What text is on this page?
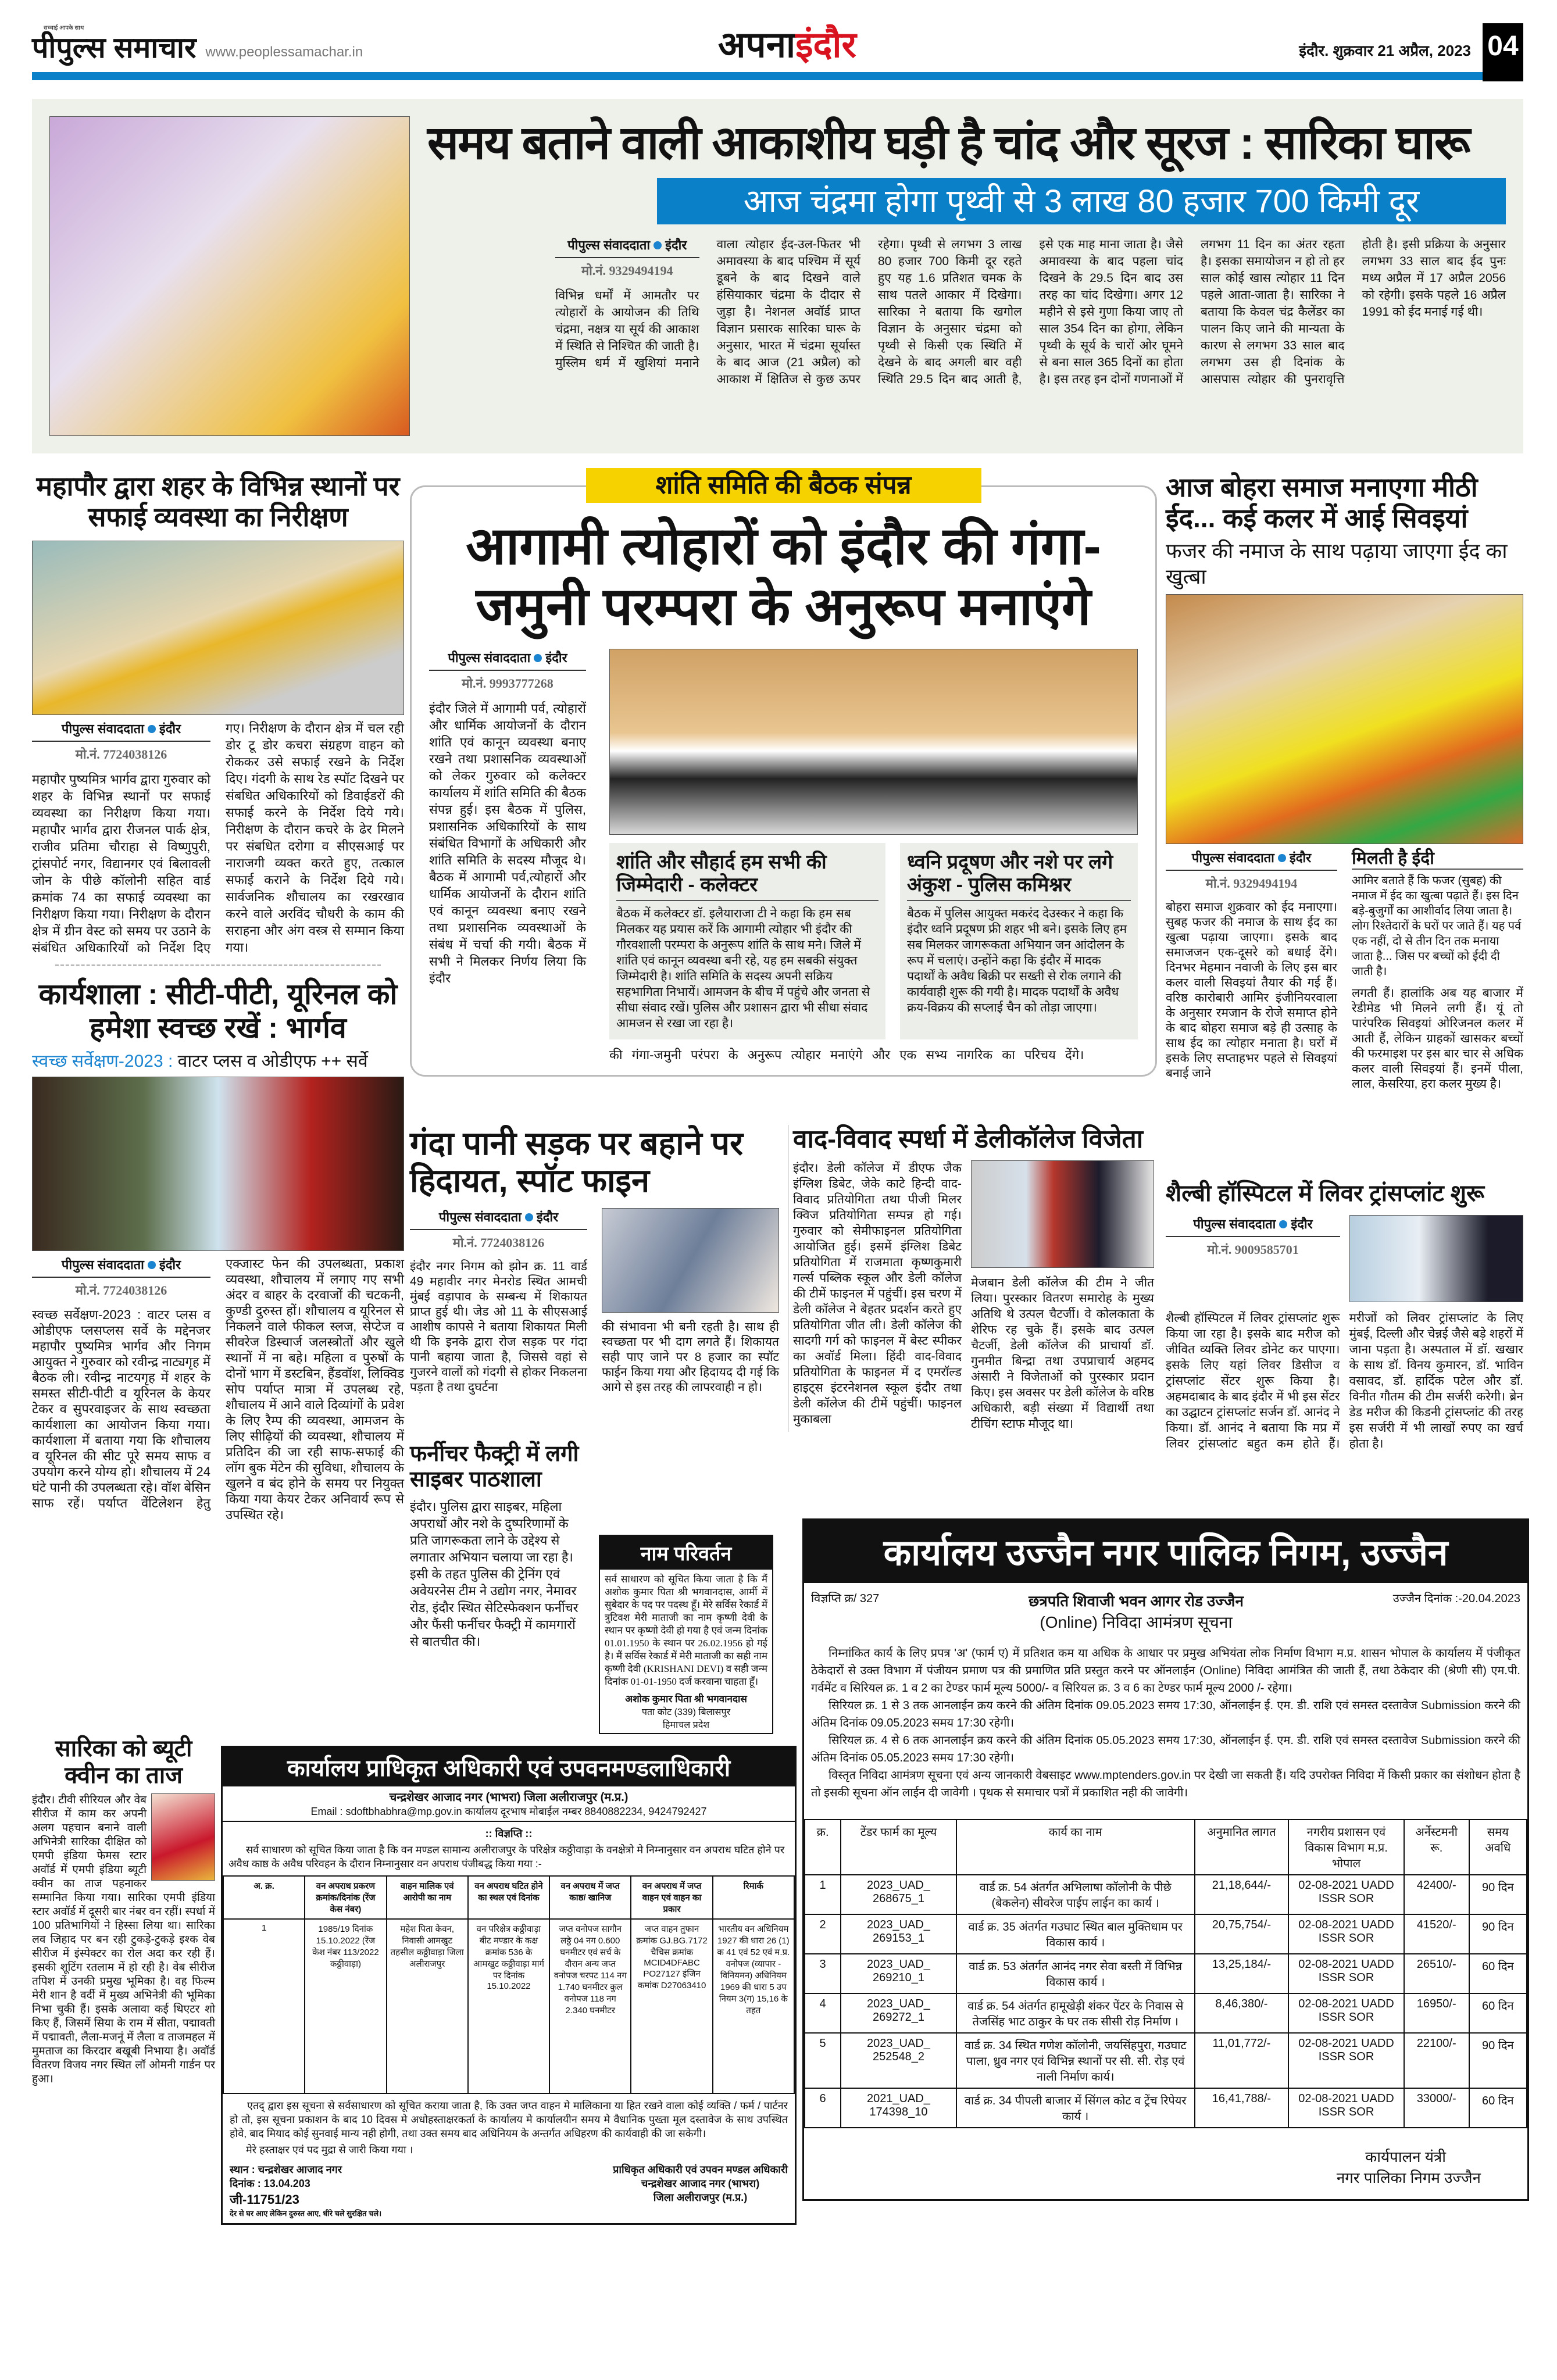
सच्चाई आपके साथ
पीपुल्स समाचार www.peoplessamachar.in	अपनाइंदौर	इंदौर. शुक्रवार 21 अप्रैल, 2023 04
समय बताने वाली आकाशीय घड़ी है चांद और सूरज : सारिका घारू
आज चंद्रमा होगा पृथ्वी से 3 लाख 80 हजार 700 किमी दूर
पीपुल्स संवाददाता इंदौर
मो.नं. 9329494194
विभिन्न धर्मों में आमतौर पर त्योहारों के आयोजन की तिथि चंद्रमा, नक्षत्र या सूर्य की आकाश में स्थिति से निश्चित की जाती है। मुस्लिम धर्म में खुशियां मनाने वाला त्योहार ईद-उल-फितर भी अमावस्या के बाद पश्चिम में सूर्य डूबने के बाद दिखने वाले हंसियाकार चंद्रमा के दीदार से जुड़ा है। नेशनल अवॉर्ड प्राप्त विज्ञान प्रसारक सारिका घारू के अनुसार, भारत में चंद्रमा सूर्यास्त के बाद आज (21 अप्रैल) को आकाश में क्षितिज से कुछ ऊपर रहेगा। पृथ्वी से लगभग 3 लाख 80 हजार 700 किमी दूर रहते हुए यह 1.6 प्रतिशत चमक के साथ पतले आकार में दिखेगा। सारिका ने बताया कि खगोल विज्ञान के अनुसार चंद्रमा को पृथ्वी से किसी एक स्थिति में देखने के बाद अगली बार वही स्थिति 29.5 दिन बाद आती है, इसे एक माह माना जाता है। जैसे अमावस्या के बाद पहला चांद दिखने के 29.5 दिन बाद उस तरह का चांद दिखेगा। अगर 12 महीने से इसे गुणा किया जाए तो साल 354 दिन का होगा, लेकिन पृथ्वी के सूर्य के चारों ओर घूमने से बना साल 365 दिनों का होता है। इस तरह इन दोनों गणनाओं में लगभग 11 दिन का अंतर रहता है। इसका समायोजन न हो तो हर साल कोई खास त्योहार 11 दिन पहले आता-जाता है। सारिका ने बताया कि केवल चंद्र कैलेंडर का पालन किए जाने की मान्यता के कारण से लगभग 33 साल बाद लगभग उस ही दिनांक के आसपास त्योहार की पुनरावृत्ति होती है। इसी प्रक्रिया के अनुसार लगभग 33 साल बाद ईद पुनः मध्य अप्रैल में 17 अप्रैल 2056 को रहेगी। इसके पहले 16 अप्रैल 1991 को ईद मनाई गई थी।
महापौर द्वारा शहर के विभिन्न स्थानों पर सफाई व्यवस्था का निरीक्षण
पीपुल्स संवाददाता इंदौर
मो.नं. 7724038126
महापौर पुष्यमित्र भार्गव द्वारा गुरुवार को शहर के विभिन्न स्थानों पर सफाई व्यवस्था का निरीक्षण किया गया। महापौर भार्गव द्वारा रीजनल पार्क क्षेत्र, राजीव प्रतिमा चौराहा से विष्णुपुरी, ट्रांसपोर्ट नगर, विद्यानगर एवं बिलावली जोन के पीछे कॉलोनी सहित वार्ड क्रमांक 74 का सफाई व्यवस्था का निरीक्षण किया गया। निरीक्षण के दौरान क्षेत्र में ग्रीन वेस्ट को समय पर उठाने के संबंधित अधिकारियों को निर्देश दिए गए। निरीक्षण के दौरान क्षेत्र में चल रही डोर टू डोर कचरा संग्रहण वाहन को रोककर उसे सफाई रखने के निर्देश दिए। गंदगी के साथ रेड स्पॉट दिखने पर संबधित अधिकारियों को डिवाईडरों की सफाई करने के निर्देश दिये गये। निरीक्षण के दौरान कचरे के ढेर मिलने पर संबधित दरोगा व सीएसआई पर नाराजगी व्यक्त करते हुए, तत्काल सफाई कराने के निर्देश दिये गये। सार्वजनिक शौचालय का रखरखाव करने वाले अरविंद चौधरी के काम की सराहना और अंग वस्त्र से सम्मान किया गया।
कार्यशाला : सीटी-पीटी, यूरिनल को हमेशा स्वच्छ रखें : भार्गव
स्वच्छ सर्वेक्षण-2023 : वाटर प्लस व ओडीएफ ++ सर्वे
पीपुल्स संवाददाता इंदौर
मो.नं. 7724038126
स्वच्छ सर्वेक्षण-2023 : वाटर प्लस व ओडीएफ प्लसप्लस सर्वे के मद्देनजर महापौर पुष्यमित्र भार्गव और निगम आयुक्त ने गुरुवार को रवीन्द्र नाट्यगृह में बैठक ली। रवीन्द्र नाटयगृह में शहर के समस्त सीटी-पीटी व यूरिनल के केयर टेकर व सुपरवाइजर के साथ स्वच्छता कार्यशाला का आयोजन किया गया। कार्यशाला में बताया गया कि शौचालय व यूरिनल की सीट पूरे समय साफ व उपयोग करने योग्य हो। शौचालय में 24 घंटे पानी की उपलब्धता रहे। वॉश बेसिन साफ रहें। पर्याप्त वेंटिलेशन हेतु एक्जास्ट फेन की उपलब्धता, प्रकाश व्यवस्था, शौचालय में लगाए गए सभी अंदर व बाहर के दरवाजों की चटकनी, कुण्डी दुरुस्त हों। शौचालय व यूरिनल से निकलने वाले फीकल स्लज, सेप्टेज व सीवरेज डिस्चार्ज जलस्त्रोतों और खुले स्थानों में ना बहे। महिला व पुरुषों के दोनों भाग में डस्टबिन, हैंडवॉश, लिक्विड सोप पर्याप्त मात्रा में उपलब्ध रहे, शौचालय में आने वाले दिव्यांगों के प्रवेश के लिए रैम्प की व्यवस्था, आमजन के लिए सीढ़ियों की व्यवस्था, शौचालय में प्रतिदिन की जा रही साफ-सफाई की लॉग बुक मेंटेन की सुविधा, शौचालय के खुलने व बंद होने के समय पर नियुक्त किया गया केयर टेकर अनिवार्य रूप से उपस्थित रहे।
शांति समिति की बैठक संपन्न
आगामी त्योहारों को इंदौर की गंगा-जमुनी परम्परा के अनुरूप मनाएंगे
पीपुल्स संवाददाता इंदौर
मो.नं. 9993777268
इंदौर जिले में आगामी पर्व, त्योहारों और धार्मिक आयोजनों के दौरान शांति एवं कानून व्यवस्था बनाए रखने तथा प्रशासनिक व्यवस्थाओं को लेकर गुरुवार को कलेक्टर कार्यालय में शांति समिति की बैठक संपन्न हुई। इस बैठक में पुलिस, प्रशासनिक अधिकारियों के साथ संबंधित विभागों के अधिकारी और शांति समिति के सदस्य मौजूद थे। बैठक में आगामी पर्व,त्योहारों और धार्मिक आयोजनों के दौरान शांति एवं कानून व्यवस्था बनाए रखने तथा प्रशासनिक व्यवस्थाओं के संबंध में चर्चा की गयी। बैठक में सभी ने मिलकर निर्णय लिया कि इंदौर
शांति और सौहार्द हम सभी की जिम्मेदारी - कलेक्टर
बैठक में कलेक्टर डॉ. इलैयाराजा टी ने कहा कि हम सब मिलकर यह प्रयास करें कि आगामी त्योहार भी इंदौर की गौरवशाली परम्परा के अनुरूप शांति के साथ मने। जिले में शांति एवं कानून व्यवस्था बनी रहे, यह हम सबकी संयुक्त जिम्मेदारी है। शांति समिति के सदस्य अपनी सक्रिय सहभागिता निभायें। आमजन के बीच में पहुंचे और जनता से सीधा संवाद रखें। पुलिस और प्रशासन द्वारा भी सीधा संवाद आमजन से रखा जा रहा है।
ध्वनि प्रदूषण और नशे पर लगे अंकुश - पुलिस कमिश्नर
बैठक में पुलिस आयुक्त मकरंद देउस्कर ने कहा कि इंदौर ध्वनि प्रदूषण फ्री शहर भी बने। इसके लिए हम सब मिलकर जागरूकता अभियान जन आंदोलन के रूप में चलाएं। उन्होंने कहा कि इंदौर में मादक पदार्थों के अवैध बिक्री पर सख्ती से रोक लगाने की कार्यवाही शुरू की गयी है। मादक पदार्थों के अवैध क्रय-विक्रय की सप्लाई चैन को तोड़ा जाएगा।
की गंगा-जमुनी परंपरा के अनुरूप त्योहार मनाएंगे और एक सभ्य नागरिक का परिचय देंगे।
आज बोहरा समाज मनाएगा मीठी ईद... कई कलर में आई सिवइयां
फजर की नमाज के साथ पढ़ाया जाएगा ईद का खुत्बा
पीपुल्स संवाददाता इंदौर
मो.नं. 9329494194
बोहरा समाज शुक्रवार को ईद मनाएगा। सुबह फजर की नमाज के साथ ईद का खुत्बा पढ़ाया जाएगा। इसके बाद समाजजन एक-दूसरे को बधाई देंगे। दिनभर मेहमान नवाजी के लिए इस बार कलर वाली सिवइयां तैयार की गई हैं। वरिष्ठ कारोबारी आमिर इंजीनियरवाला के अनुसार रमजान के रोजे समाप्त होने के बाद बोहरा समाज बड़े ही उत्साह के साथ ईद का त्योहार मनाता है। घरों में इसके लिए सप्ताहभर पहले से सिवइयां बनाई जाने
मिलती है ईदी
आमिर बताते हैं कि फजर (सुबह) की नमाज में ईद का खुत्बा पढ़ाते हैं। इस दिन बड़े-बुजुर्गों का आशीर्वाद लिया जाता है। लोग रिश्तेदारों के घरों पर जाते हैं। यह पर्व एक नहीं, दो से तीन दिन तक मनाया जाता है... जिस पर बच्चों को ईदी दी जाती है।
लगती हैं। हालांकि अब यह बाजार में रेडीमेड भी मिलने लगी हैं। यूं तो पारंपरिक सिवइयां ओरिजनल कलर में आती हैं, लेकिन ग्राहकों खासकर बच्चों की फरमाइश पर इस बार चार से अधिक कलर वाली सिवइयां हैं। इनमें पीला, लाल, केसरिया, हरा कलर मुख्य है।
गंदा पानी सड़क पर बहाने पर हिदायत, स्पॉट फाइन
पीपुल्स संवाददाता इंदौर
मो.नं. 7724038126
इंदौर नगर निगम को झोन क्र. 11 वार्ड 49 महावीर नगर मेनरोड स्थित आमची मुंबई वड़ापाव के सम्बन्ध में शिकायत प्राप्त हुई थी। जेड ओ 11 के सीएसआई आशीष कापसे ने बताया शिकायत मिली थी कि इनके द्वारा रोज सड़क पर गंदा पानी बहाया जाता है, जिससे वहां से गुजरने वालों को गंदगी से होकर निकलना पड़ता है तथा दुघर्टना
की संभावना भी बनी रहती है। साथ ही स्वच्छता पर भी दाग लगते हैं। शिकायत सही पाए जाने पर 8 हजार का स्पॉट फाईन किया गया और हिदायद दी गई कि आगे से इस तरह की लापरवाही न हो।
फर्नीचर फैक्ट्री में लगी साइबर पाठशाला
इंदौर। पुलिस द्वारा साइबर, महिला अपराधों और नशे के दुष्परिणामों के प्रति जागरूकता लाने के उद्देश्य से लगातार अभियान चलाया जा रहा है। इसी के तहत पुलिस की ट्रेनिंग एवं अवेयरनेस टीम ने उद्योग नगर, नेमावर रोड, इंदौर स्थित सेटिस्फेक्शन फर्नीचर और फैंसी फर्नीचर फैक्ट्री में कामगारों से बातचीत की।
नाम परिवर्तन
सर्व साधारण को सूचित किया जाता है कि मैं अशोक कुमार पिता श्री भगवानदास, आर्मी में सुबेदार के पद पर पदस्थ हूँ। मेरे सर्विस रेकार्ड में त्रुटिवश मेरी माताजी का नाम कृष्णी देवी के स्थान पर कृष्णो देवी हो गया है एवं जन्म दिनांक 01.01.1950 के स्थान पर 26.02.1956 हो गई है। मैं सर्विस रेकार्ड में मेरी माताजी का सही नाम कृष्णी देवी (KRISHANI DEVI) व सही जन्म दिनांक 01-01-1950 दर्ज करवाना चाहता हूँ।
अशोक कुमार पिता श्री भगवानदास
पता कोट (339) बिलासपुर
हिमाचल प्रदेश
वाद-विवाद स्पर्धा में डेलीकॉलेज विजेता
इंदौर। डेली कॉलेज में डीएफ जैक इंग्लिश डिबेट, जेके काटे हिन्दी वाद-विवाद प्रतियोगिता तथा पीजी मिलर क्विज प्रतियोगिता सम्पन्न हो गई। गुरुवार को सेमीफाइनल प्रतियोगिता आयोजित हुई। इसमें इंग्लिश डिबेट प्रतियोगिता में राजमाता कृष्णकुमारी गर्ल्स पब्लिक स्कूल और डेली कॉलेज की टीमें फाइनल में पहुंचीं। इस चरण में डेली कॉलेज ने बेहतर प्रदर्शन करते हुए प्रतियोगिता जीत ली। डेली कॉलेज की सादगी गर्ग को फाइनल में बेस्ट स्पीकर का अवॉर्ड मिला। हिंदी वाद-विवाद प्रतियोगिता के फाइनल में द एमरॉल्ड हाइट्स इंटरनेशनल स्कूल इंदौर तथा डेली कॉलेज की टीमें पहुंचीं। फाइनल मुकाबला
मेजबान डेली कॉलेज की टीम ने जीत लिया। पुरस्कार वितरण समारोह के मुख्य अतिथि थे उत्पल चैटर्जी। वे कोलकाता के शेरिफ रह चुके हैं। इसके बाद उत्पल चैटर्जी, डेली कॉलेज की प्राचार्या डॉ. गुनमीत बिन्द्रा तथा उपप्राचार्य अहमद अंसारी ने विजेताओं को पुरस्कार प्रदान किए। इस अवसर पर डेली कॉलेज के वरिष्ठ अधिकारी, बड़ी संख्या में विद्यार्थी तथा टीचिंग स्टाफ मौजूद था।
शैल्बी हॉस्पिटल में लिवर ट्रांसप्लांट शुरू
पीपुल्स संवाददाता इंदौर
मो.नं. 9009585701
शैल्बी हॉस्पिटल में लिवर ट्रांसप्लांट शुरू किया जा रहा है। इसके बाद मरीज को जीवित व्यक्ति लिवर डोनेट कर पाएगा। इसके लिए यहां लिवर डिसीज व ट्रांसप्लांट सेंटर शुरू किया है। अहमदाबाद के बाद इंदौर में भी इस सेंटर का उद्घाटन ट्रांसप्लांट सर्जन डॉ. आनंद ने किया। डॉ. आनंद ने बताया कि मप्र में लिवर ट्रांसप्लांट बहुत कम होते हैं। मरीजों को लिवर ट्रांसप्लांट के लिए मुंबई, दिल्ली और चेन्नई जैसे बड़े शहरों में जाना पड़ता है। अस्पताल में डॉ. खखार के साथ डॉ. विनय कुमारन, डॉ. भाविन वसावद, डॉ. हार्दिक पटेल और डॉ. विनीत गौतम की टीम सर्जरी करेगी। ब्रेन डेड मरीज की किडनी ट्रांसप्लांट की तरह इस सर्जरी में भी लाखों रुपए का खर्च होता है।
सारिका को ब्यूटी क्वीन का ताज
इंदौर। टीवी सीरियल और वेब सीरीज में काम कर अपनी अलग पहचान बनाने वाली अभिनेत्री सारिका दीक्षित को एमपी इंडिया फेमस स्टार अवॉर्ड में एमपी इंडिया ब्यूटी क्वीन का ताज पहनाकर सम्मानित किया गया। सारिका एमपी इंडिया स्टार अवॉर्ड में दूसरी बार नंबर वन रहीं। स्पर्धा में 100 प्रतिभागियों ने हिस्सा लिया था। सारिका लव जिहाद पर बन रही टुकड़े-टुकड़े इश्क वेब सीरीज में इंस्पेक्टर का रोल अदा कर रही हैं। इसकी शूटिंग रतलाम में हो रही है। वेब सीरीज तपिश में उनकी प्रमुख भूमिका है। वह फिल्म मेरी शान है वर्दी में मुख्य अभिनेत्री की भूमिका निभा चुकी हैं। इसके अलावा कई थिएटर शो किए हैं, जिसमें सिया के राम में सीता, पद्मावती में पद्मावती, लैला-मजनूं में लैला व ताजमहल में मुमताज का किरदार बखूबी निभाया है। अवॉर्ड वितरण विजय नगर स्थित लॉ ओमनी गार्डन पर हुआ।
कार्यालय प्राधिकृत अधिकारी एवं उपवनमण्डलाधिकारी
चन्द्रशेखर आजाद नगर (भाभरा) जिला अलीराजपुर (म.प्र.)
Email : sdoftbhabhra@mp.gov.in कार्यालय दूरभाष मोबाईल नम्बर 8840882234, 9424792427
:: विज्ञप्ति ::
सर्व साधारण को सूचित किया जाता है कि वन मण्डल सामान्य अलीराजपुर के परिक्षेत्र कठ्ठीवाड़ा के वनक्षेत्रो मे निम्नानुसार वन अपराध घटित होने पर अवैध काष्ठ के अवैध परिवहन के दौरान निम्नानुसार वन अपराध पंजीबद्ध किया गया :-
अ. क्र.	वन अपराध प्रकरण क्रमांक/दिनांक (रेंज केस नंबर)	वाहन मालिक एवं आरोपी का नाम	वन अपराध घटित होने का स्थल एवं दिनांक	वन अपराध में जप्त काष्ठ/ खानिज	वन अपराध में जप्त वाहन एवं वाहन का प्रकार	रिमार्क
1	1985/19 दिनांक 15.10.2022 (रेंज केश नंबर 113/2022 कठ्ठीवाड़ा)	महेश पिता केवन, निवासी आमखुट तहसील कठ्ठीवाड़ा जिला अलीराजपुर	वन परिक्षेत्र कठ्ठीवाड़ा बीट मण्डार के कक्ष क्रमांक 536 के आमखुट कठ्ठीवाड़ा मार्ग पर दिनांक 15.10.2022	जप्त वनोपज सागौन लठ्ठे 04 नग 0.600 घनमीटर एवं सर्च के दौरान अन्य जप्त वनोपज चरपट 114 नग 1.740 घनमीटर कुल वनोपज 118 नग 2.340 घनमीटर	जप्त वाहन तुफान क्रमांक GJ.BG.7172 चैचिस क्रमांक MCID4DFABC PO27127 इंजिन कमांक D27063410	भारतीय वन अधिनियम 1927 की धारा 26 (1) क 41 एवं 52 एवं म.प्र. वनोपज (व्यापार - विनियमन) अधिनियम 1969 की धारा 5 उप नियम 3(ग) 15,16 के तहत
एतद् द्वारा इस सूचना से सर्वसाधारण को सूचित कराया जाता है, कि उक्त जप्त वाहन मे मालिकाना या हित रखने वाला कोई व्यक्ति / फर्म / पार्टनर हो तो, इस सूचना प्रकाशन के बाद 10 दिवस मे अधोहस्ताक्षरकर्ता के कार्यालय मे कार्यालयीन समय मे वैधानिक पुख्ता मूल दस्तावेज के साथ उपस्थित होवे, बाद मियाद कोई सुनवाई मान्य नही होगी, तथा उक्त समय बाद अधिनियम के अन्तर्गत अधिहरण की कार्यवाही की जा सकेगी।
मेरे हस्ताक्षर एवं पद मुद्रा से जारी किया गया ।
स्थान : चन्द्रशेखर आजाद नगर
दिनांक : 13.04.203
जी-11751/23
देर से घर आए लेकिन दुरुस्त आए, धीरे चले सुरक्षित चले।
प्राधिकृत अधिकारी एवं उपवन मण्डल अधिकारी
चन्द्रशेखर आजाद नगर (भाभरा)
जिला अलीराजपुर (म.प्र.)
कार्यालय उज्जैन नगर पालिक निगम, उज्जैन
विज्ञप्ति क्र/ 327	छत्रपति शिवाजी भवन आगर रोड उज्जैन
(Online) निविदा आमंत्रण सूचना
उज्जैन दिनांक :-20.04.2023
निम्नांकित कार्य के लिए प्रपत्र 'अ' (फार्म ए) में प्रतिशत कम या अधिक के आधार पर प्रमुख अभियंता लोक निर्माण विभाग म.प्र. शासन भोपाल के कार्यालय में पंजीकृत ठेकेदारों से उक्त विभाग में पंजीयन प्रमाण पत्र की प्रमाणित प्रति प्रस्तुत करने पर ऑनलाईन (Online) निविदा आमंत्रित की जाती हैं, तथा ठेकेदार की (श्रेणी सी) एम.पी. गर्वमेंट व सिरियल क्र. 1 व 2 का टेण्डर फार्म मूल्य 5000/- व सिरियल क्र. 3 व 6 का टेण्डर फार्म मूल्य 2000 /- रहेगा।
सिरियल क्र. 1 से 3 तक आनलाईन क्रय करने की अंतिम दिनांक 09.05.2023 समय 17:30, ऑनलाईन ई. एम. डी. राशि एवं समस्त दस्तावेज Submission करने की अंतिम दिनांक 09.05.2023 समय 17:30 रहेगी।
सिरियल क्र. 4 से 6 तक आनलाईन क्रय करने की अंतिम दिनांक 05.05.2023 समय 17:30, ऑनलाईन ई. एम. डी. राशि एवं समस्त दस्तावेज Submission करने की अंतिम दिनांक 05.05.2023 समय 17:30 रहेगी।
विस्तृत निविदा आमंत्रण सूचना एवं अन्य जानकारी वेबसाइट www.mptenders.gov.in पर देखी जा सकती हैं। यदि उपरोक्त निविदा में किसी प्रकार का संशोधन होता है तो इसकी सूचना ऑन लाईन दी जावेगी । पृथक से समाचार पत्रों में प्रकाशित नही की जावेगी।
क्र.	टेंडर फार्म का मूल्य	कार्य का नाम	अनुमानित लागत	नगरीय प्रशासन एवं विकास विभाग म.प्र. भोपाल	अर्नेस्टमनी रू.	समय अवधि
1	2023_UAD_ 268675_1	वार्ड क्र. 54 अंतर्गत अभिलाषा कॉलोनी के पीछे (बेकलेन) सीवरेज पाईप लाईन का कार्य ।	21,18,644/-	02-08-2021 UADD ISSR SOR	42400/-	90 दिन
2	2023_UAD_ 269153_1	वार्ड क्र. 35 अंतर्गत गउघाट स्थित बाल मुक्तिधाम पर विकास कार्य ।	20,75,754/-	02-08-2021 UADD ISSR SOR	41520/-	90 दिन
3	2023_UAD_ 269210_1	वार्ड क्र. 53 अंतर्गत आनंद नगर सेवा बस्ती में विभिन्न विकास कार्य ।	13,25,184/-	02-08-2021 UADD ISSR SOR	26510/-	60 दिन
4	2023_UAD_ 269272_1	वार्ड क्र. 54 अंतर्गत हामूखेड़ी शंकर पेंटर के निवास से तेजसिंह भाट ठाकुर के घर तक सीसी रोड़ निर्माण ।	8,46,380/-	02-08-2021 UADD ISSR SOR	16950/-	60 दिन
5	2023_UAD_ 252548_2	वार्ड क्र. 34 स्थित गणेश कॉलोनी, जयसिंहपुरा, गउघाट पाला, ध्रुव नगर एवं विभिन्न स्थानों पर सी. सी. रोड़ एवं नाली निर्माण कार्य।	11,01,772/-	02-08-2021 UADD ISSR SOR	22100/-	90 दिन
6	2021_UAD_ 174398_10	वार्ड क्र. 34 पीपली बाजार में सिंगल कोट व ट्रेंच रिपेयर कार्य ।	16,41,788/-	02-08-2021 UADD ISSR SOR	33000/-	60 दिन
कार्यपालन यंत्री
नगर पालिका निगम उज्जैन
